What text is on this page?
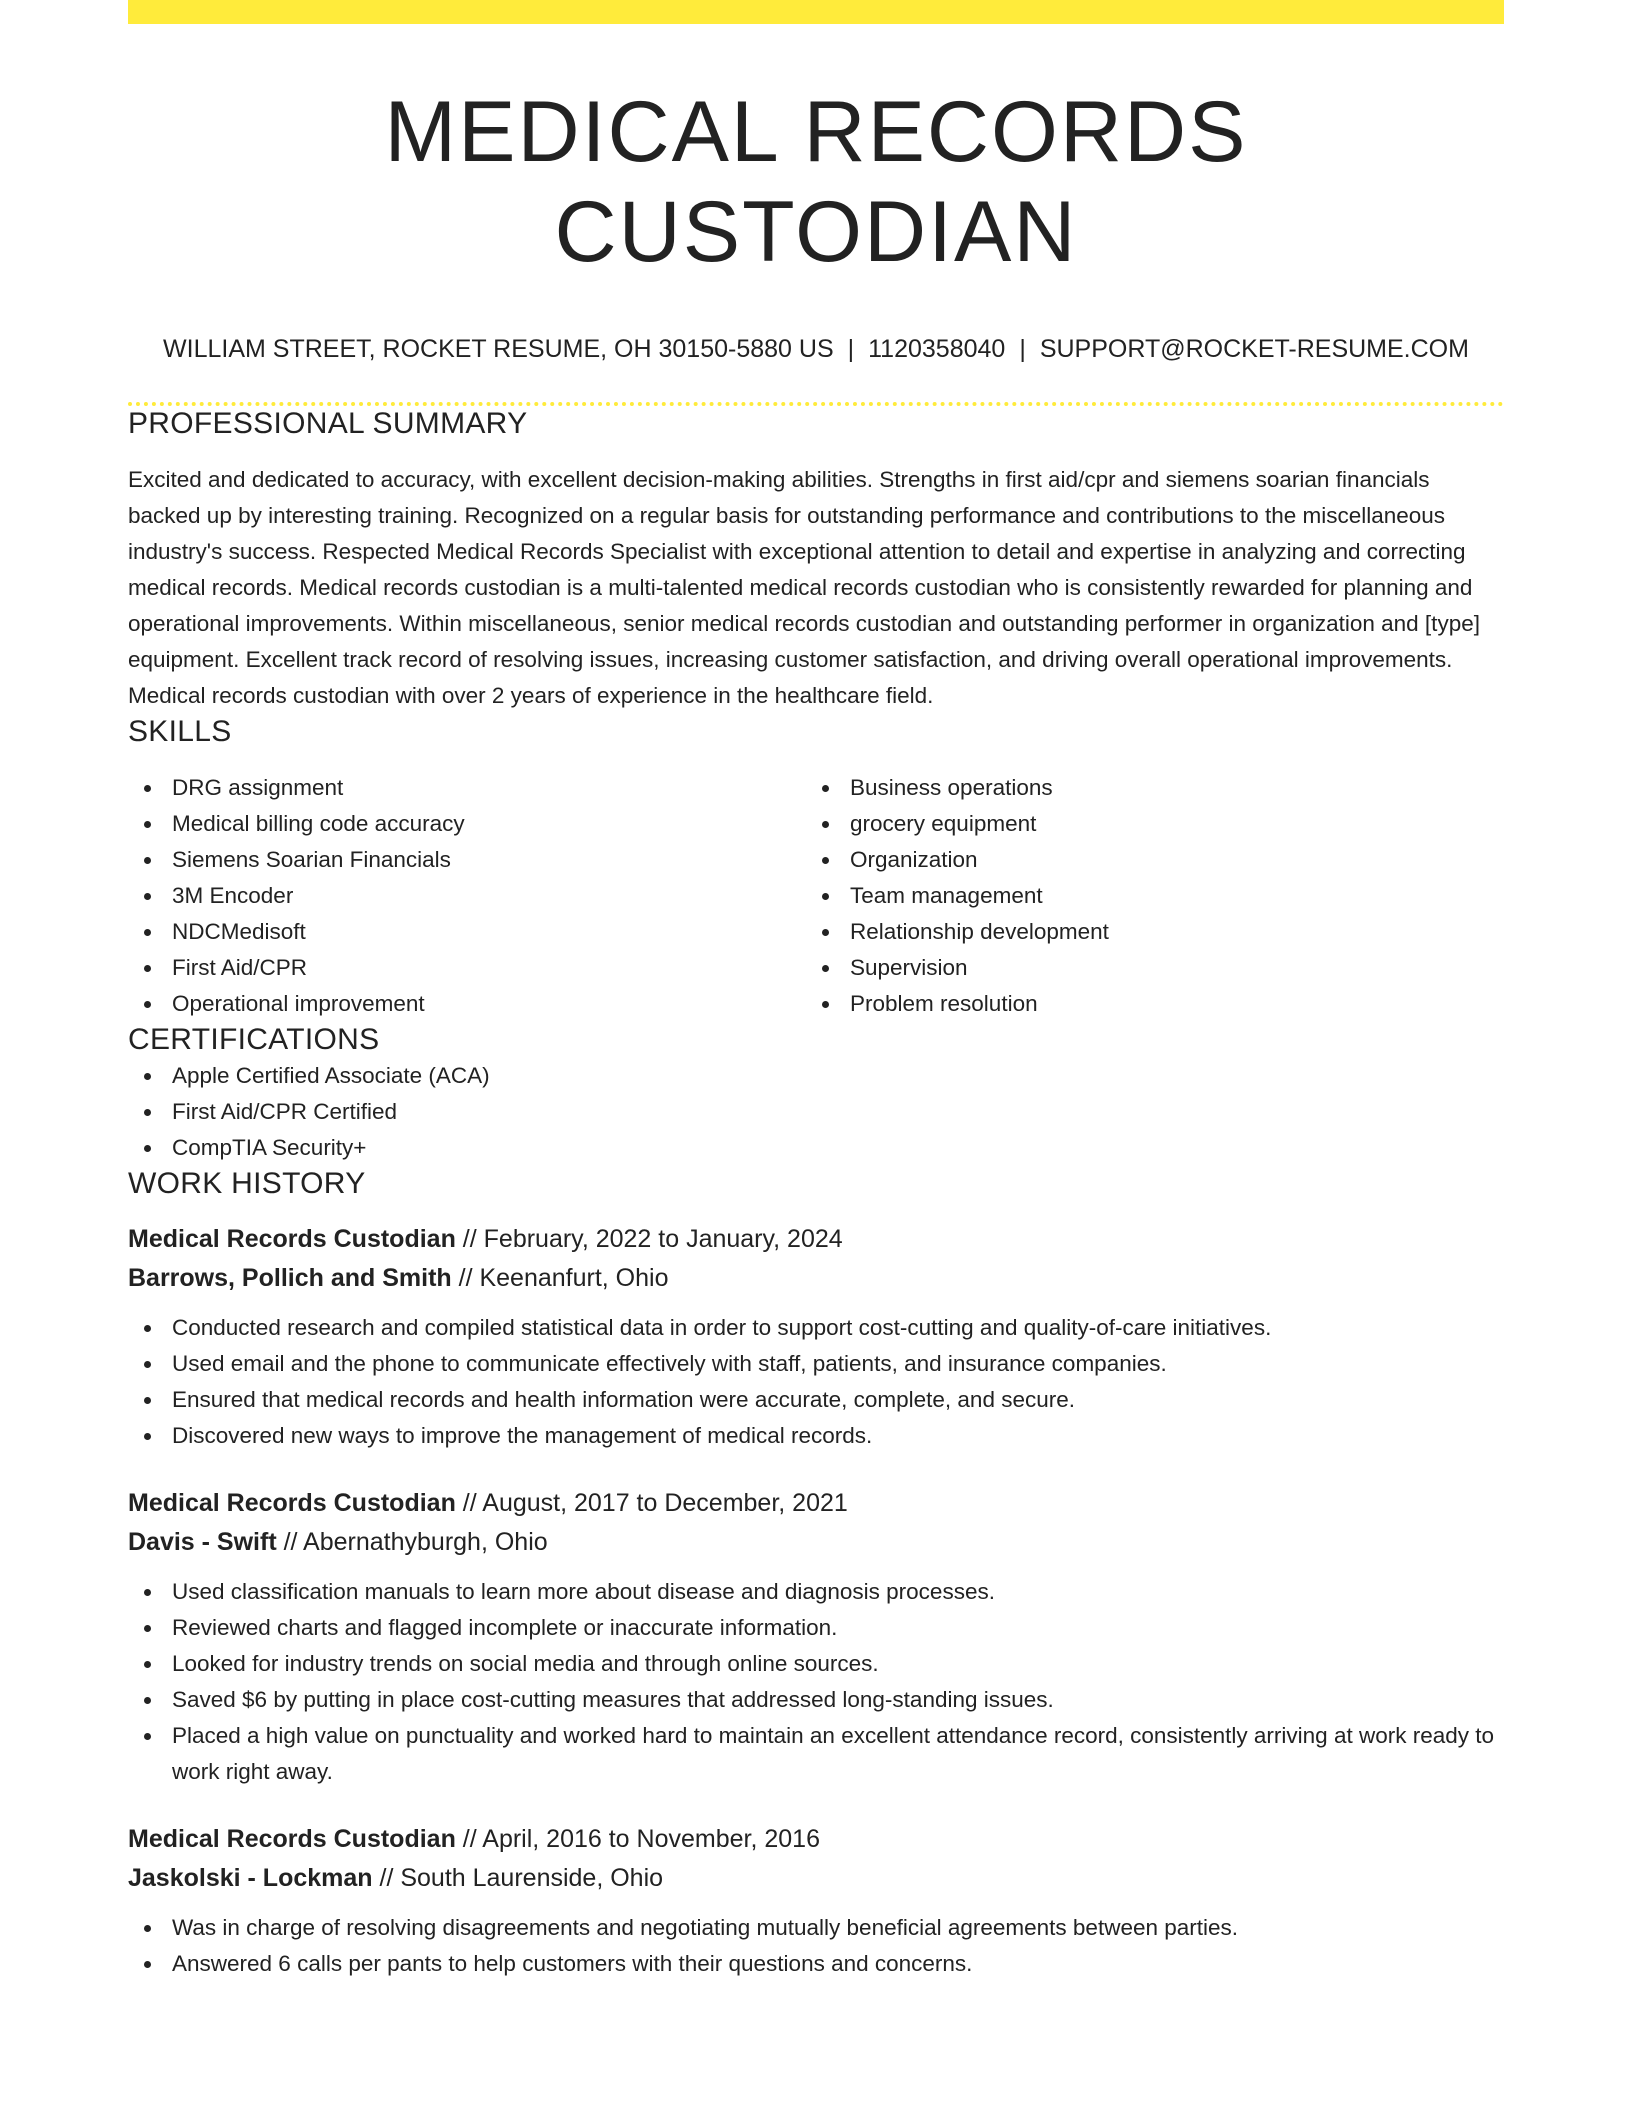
MEDICAL RECORDS CUSTODIAN
WILLIAM STREET, ROCKET RESUME, OH 30150-5880 US | 1120358040 | SUPPORT@ROCKET-RESUME.COM
PROFESSIONAL SUMMARY
Excited and dedicated to accuracy, with excellent decision-making abilities. Strengths in first aid/cpr and siemens soarian financials backed up by interesting training. Recognized on a regular basis for outstanding performance and contributions to the miscellaneous industry's success. Respected Medical Records Specialist with exceptional attention to detail and expertise in analyzing and correcting medical records. Medical records custodian is a multi-talented medical records custodian who is consistently rewarded for planning and operational improvements. Within miscellaneous, senior medical records custodian and outstanding performer in organization and [type] equipment. Excellent track record of resolving issues, increasing customer satisfaction, and driving overall operational improvements. Medical records custodian with over 2 years of experience in the healthcare field.
SKILLS
DRG assignment
Medical billing code accuracy
Siemens Soarian Financials
3M Encoder
NDCMedisoft
First Aid/CPR
Operational improvement
Business operations
grocery equipment
Organization
Team management
Relationship development
Supervision
Problem resolution
CERTIFICATIONS
Apple Certified Associate (ACA)
First Aid/CPR Certified
CompTIA Security+
WORK HISTORY
Medical Records Custodian // February, 2022 to January, 2024
Barrows, Pollich and Smith // Keenanfurt, Ohio
Conducted research and compiled statistical data in order to support cost-cutting and quality-of-care initiatives.
Used email and the phone to communicate effectively with staff, patients, and insurance companies.
Ensured that medical records and health information were accurate, complete, and secure.
Discovered new ways to improve the management of medical records.
Medical Records Custodian // August, 2017 to December, 2021
Davis - Swift // Abernathyburgh, Ohio
Used classification manuals to learn more about disease and diagnosis processes.
Reviewed charts and flagged incomplete or inaccurate information.
Looked for industry trends on social media and through online sources.
Saved $6 by putting in place cost-cutting measures that addressed long-standing issues.
Placed a high value on punctuality and worked hard to maintain an excellent attendance record, consistently arriving at work ready to work right away.
Medical Records Custodian // April, 2016 to November, 2016
Jaskolski - Lockman // South Laurenside, Ohio
Was in charge of resolving disagreements and negotiating mutually beneficial agreements between parties.
Answered 6 calls per pants to help customers with their questions and concerns.
